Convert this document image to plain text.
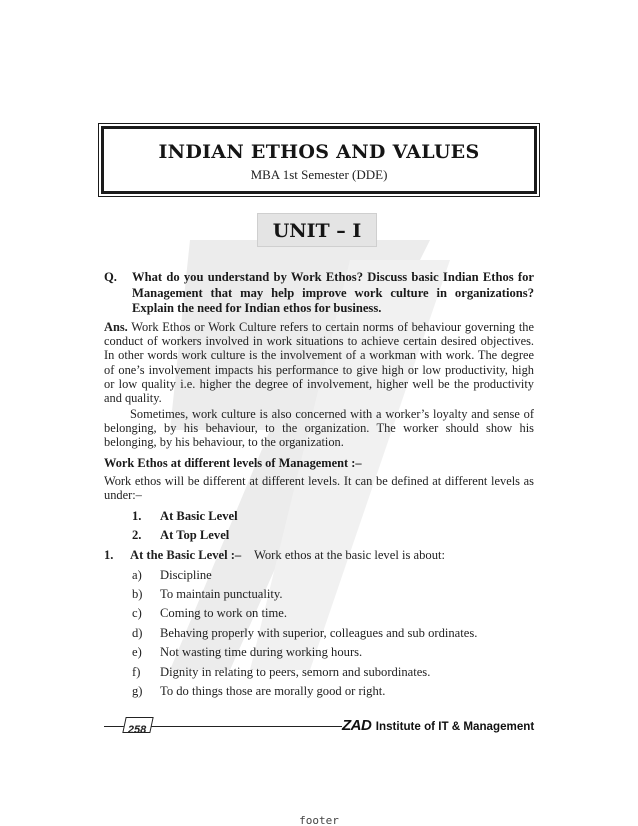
INDIAN ETHOS AND VALUES
MBA 1st Semester (DDE)
UNIT – I
Q. What do you understand by Work Ethos? Discuss basic Indian Ethos for Management that may help improve work culture in organizations? Explain the need for Indian ethos for business.
Ans. Work Ethos or Work Culture refers to certain norms of behaviour governing the conduct of workers involved in work situations to achieve certain desired objectives. In other words work culture is the involvement of a workman with work. The degree of one’s involvement impacts his performance to give high or low productivity, high or low quality i.e. higher the degree of involvement, higher well be the productivity and quality.
Sometimes, work culture is also concerned with a worker’s loyalty and sense of belonging, by his behaviour, to the organization. The worker should show his belonging, by his behaviour, to the organization.
Work Ethos at different levels of Management :–
Work ethos will be different at different levels. It can be defined at different levels as under:–
1. At Basic Level
2. At Top Level
1. At the Basic Level :– Work ethos at the basic level is about:
a) Discipline
b) To maintain punctuality.
c) Coming to work on time.
d) Behaving properly with superior, colleagues and sub ordinates.
e) Not wasting time during working hours.
f) Dignity in relating to peers, semorn and subordinates.
g) To do things those are morally good or right.
258	ZAD Institute of IT & Management
footer
